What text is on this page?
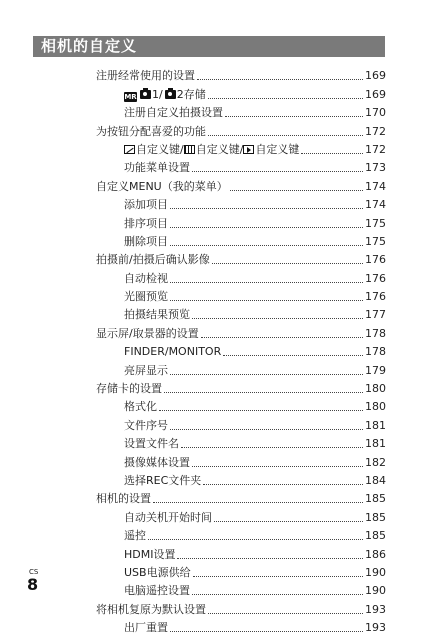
相机的自定义
注册经常使用的设置	169
MR 1/ 2存储	169
注册自定义拍摄设置	170
为按钮分配喜爱的功能	172
自定义键/ 自定义键/ 自定义键	172
功能菜单设置	173
自定义MENU（我的菜单）	174
添加项目	174
排序项目	175
删除项目	175
拍摄前/拍摄后确认影像	176
自动检视	176
光圈预览	176
拍摄结果预览	177
显示屏/取景器的设置	178
FINDER/MONITOR	178
亮屏显示	179
存储卡的设置	180
格式化	180
文件序号	181
设置文件名	181
摄像媒体设置	182
选择REC文件夹	184
相机的设置	185
自动关机开始时间	185
遥控	185
HDMI设置	186
USB电源供给	190
电脑遥控设置	190
将相机复原为默认设置	193
出厂重置	193
CS
8
